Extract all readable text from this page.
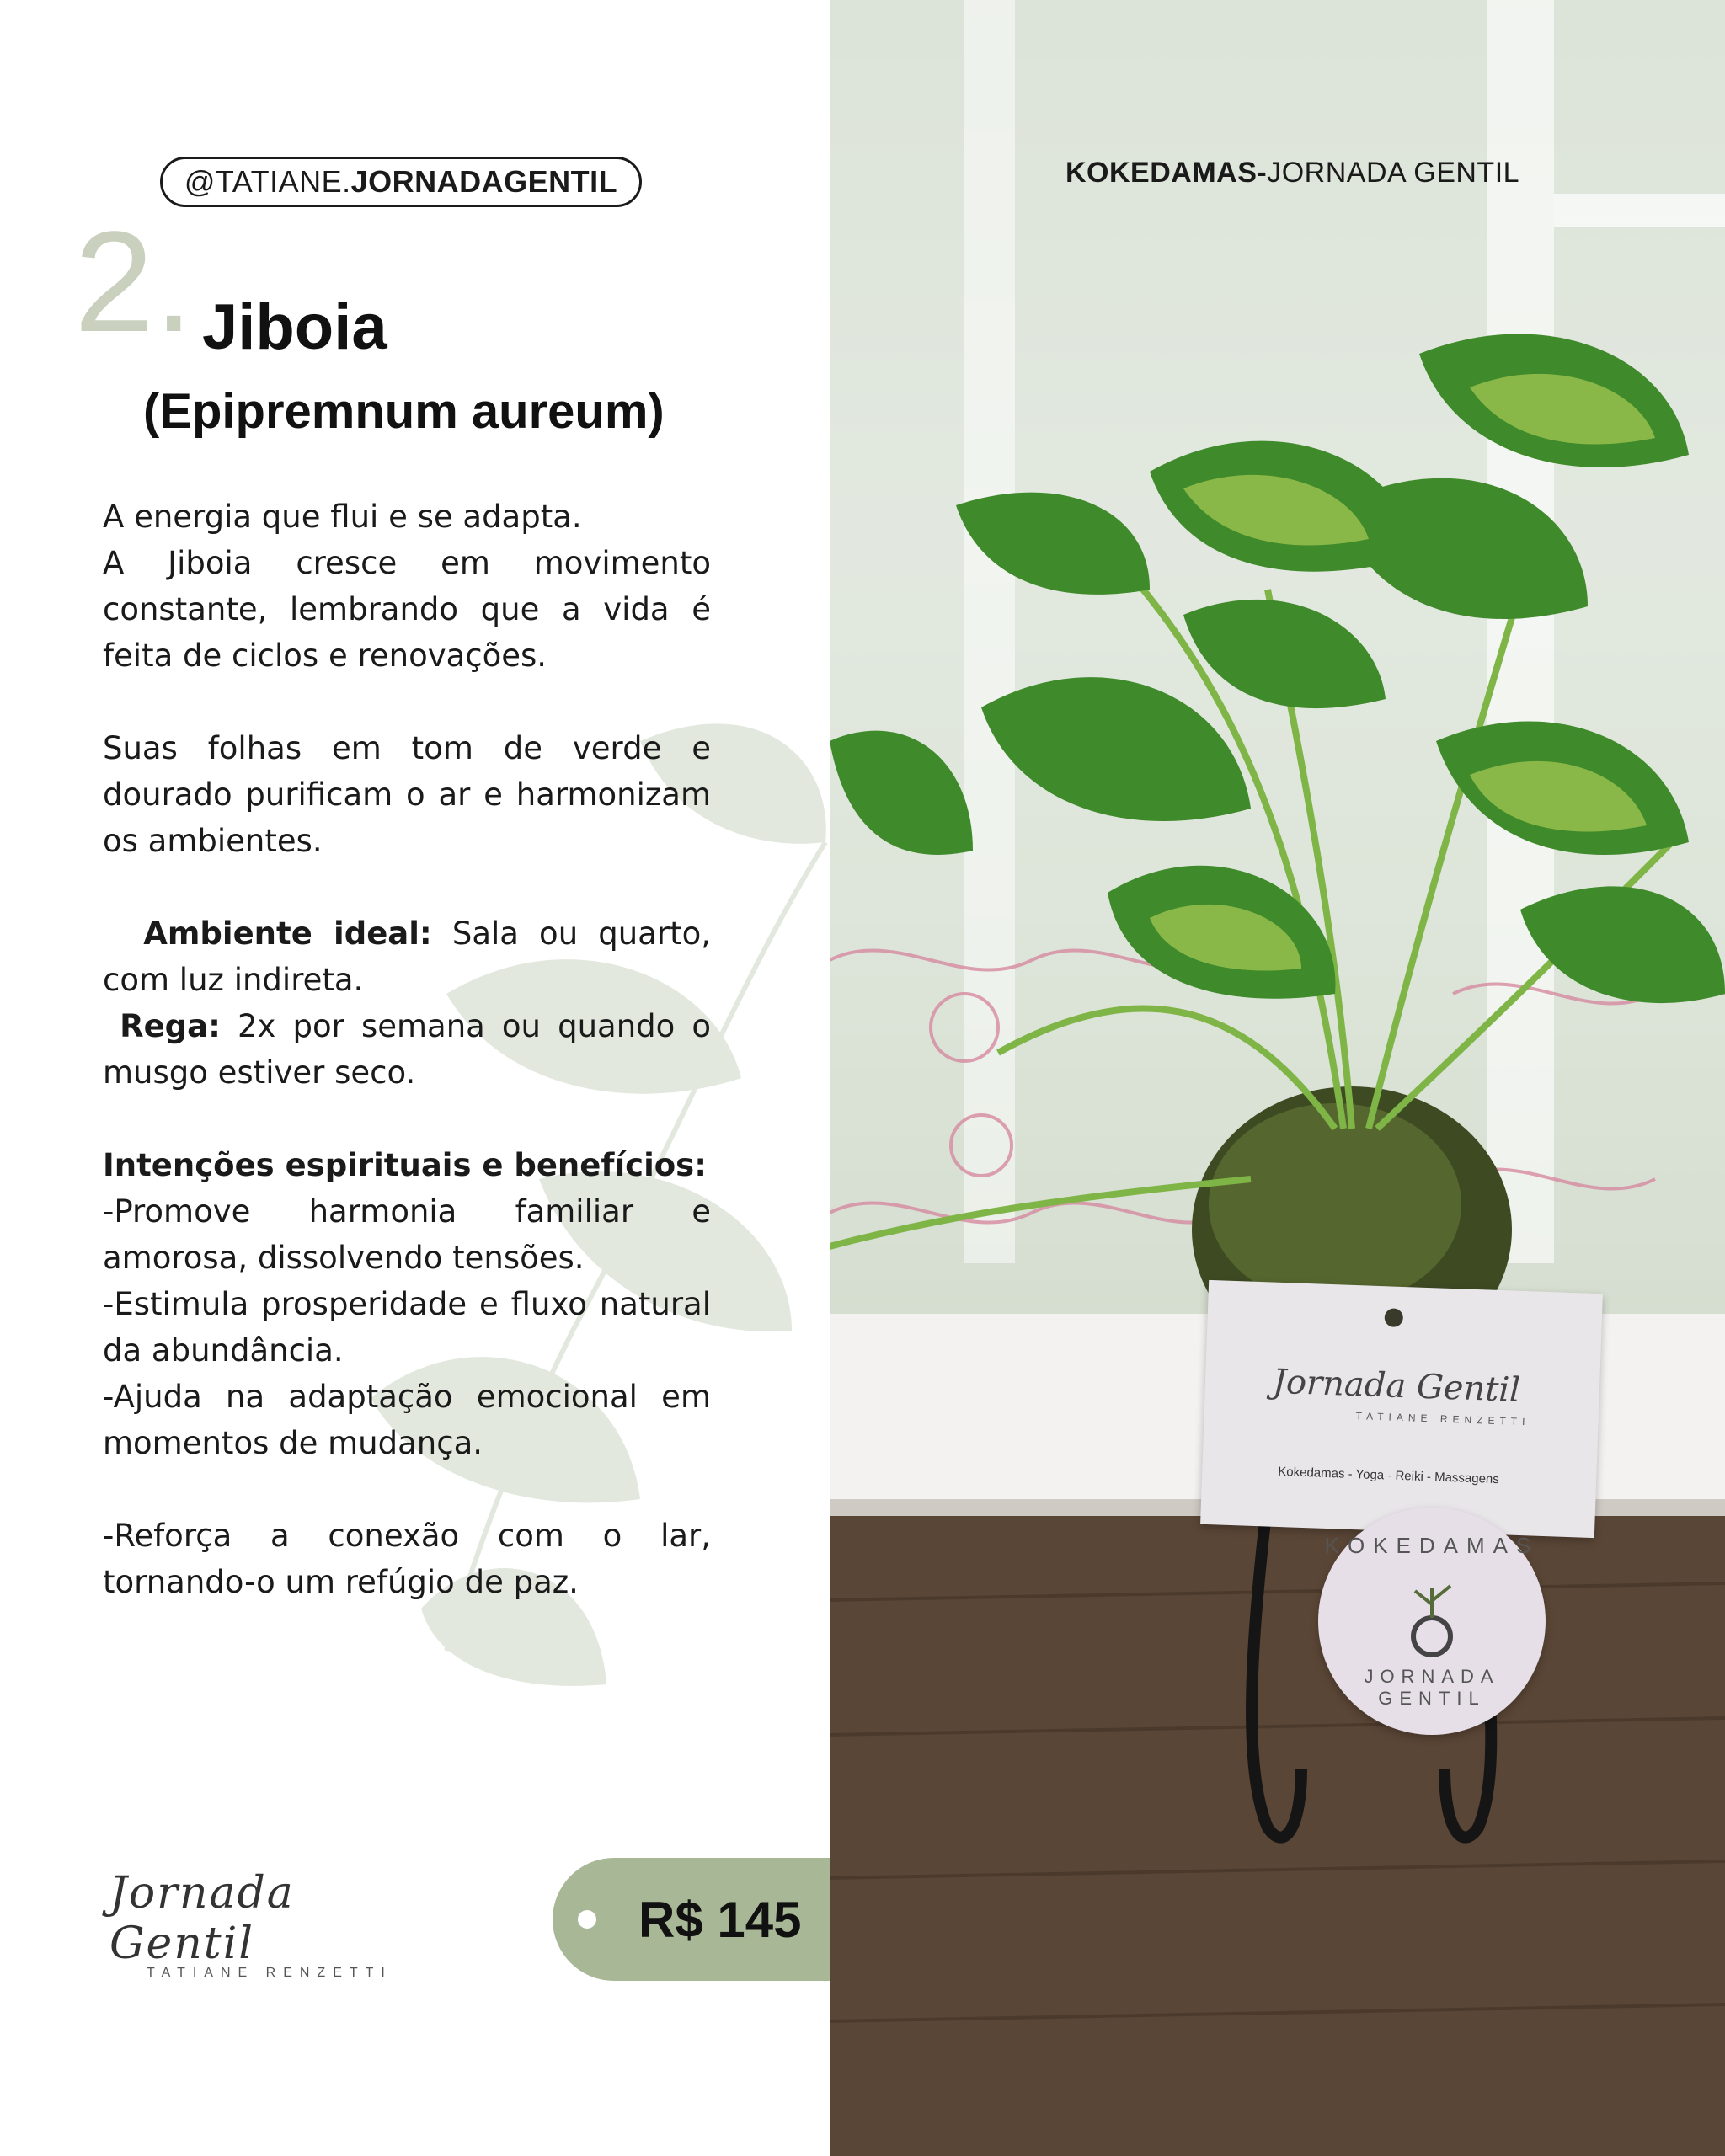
@TATIANE. JORNADAGENTIL
2. Jiboia
(Epipremnum aureum)

A energia que flui e se adapta.

A Jiboia cresce em movimento constante, lembrando que a vida é feita de ciclos e renovações.

Suas folhas em tom de verde e dourado purificam o ar e harmonizam os ambientes.

Ambiente ideal: Sala ou quarto, com luz indireta.

Rega: 2x por semana ou quando o musgo estiver seco.

Intenções espirituais e benefícios:

-Promove harmonia familiar e amorosa, dissolvendo tensões.

-Estimula prosperidade e fluxo natural da abundância.

-Ajuda na adaptação emocional em momentos de mudança.

-Reforça a conexão com o lar, tornando-o um refúgio de paz.

Jornada Gentil
TATIANE RENZETTI
R$ 145
Jornada Gentil
TATIANE RENZETTI
Kokedamas - Yoga - Reiki - Massagens
KOKEDAMAS
JORNADA GENTIL
KOKEDAMAS-JORNADA GENTIL
